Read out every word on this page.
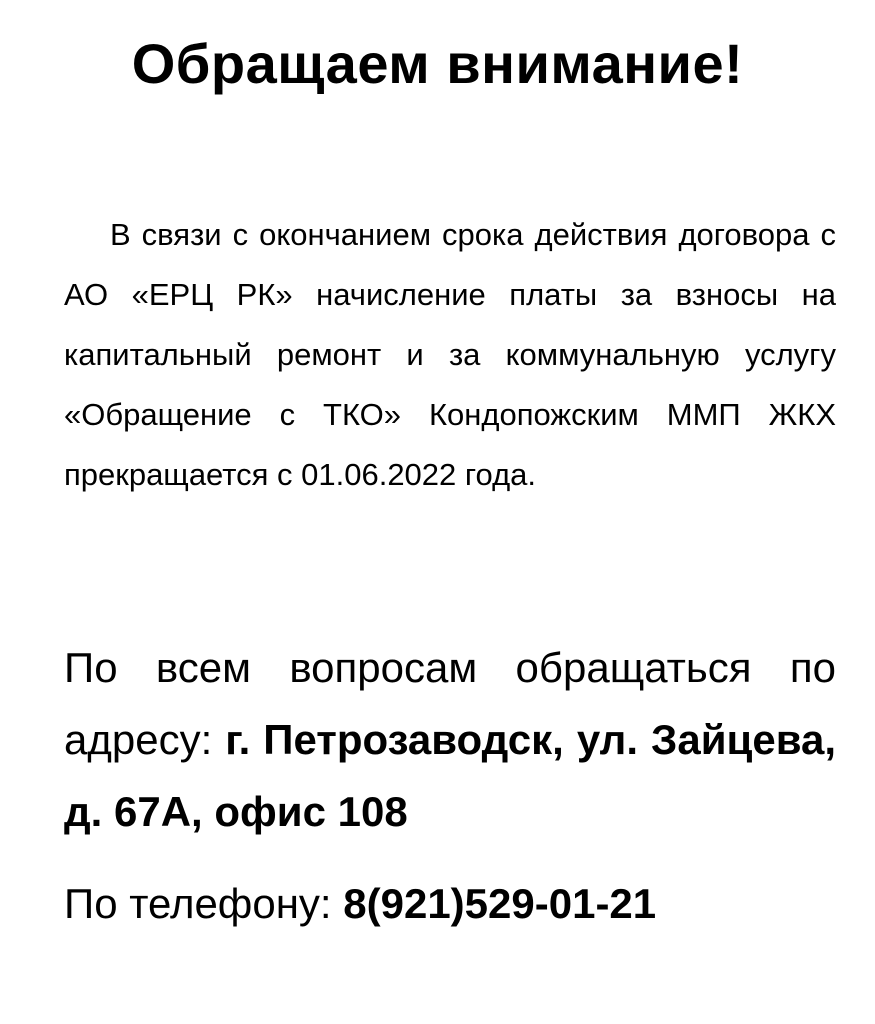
Обращаем внимание!

В связи с окончанием срока действия договора с АО «ЕРЦ РК» начисление платы за взносы на капитальный ремонт и за коммунальную услугу «Обращение с ТКО» Кондопожским ММП ЖКХ прекращается с 01.06.2022 года.

По всем вопросам обращаться по адресу: г. Петрозаводск, ул. Зайцева, д. 67А, офис 108

По телефону: 8(921)529-01-21
